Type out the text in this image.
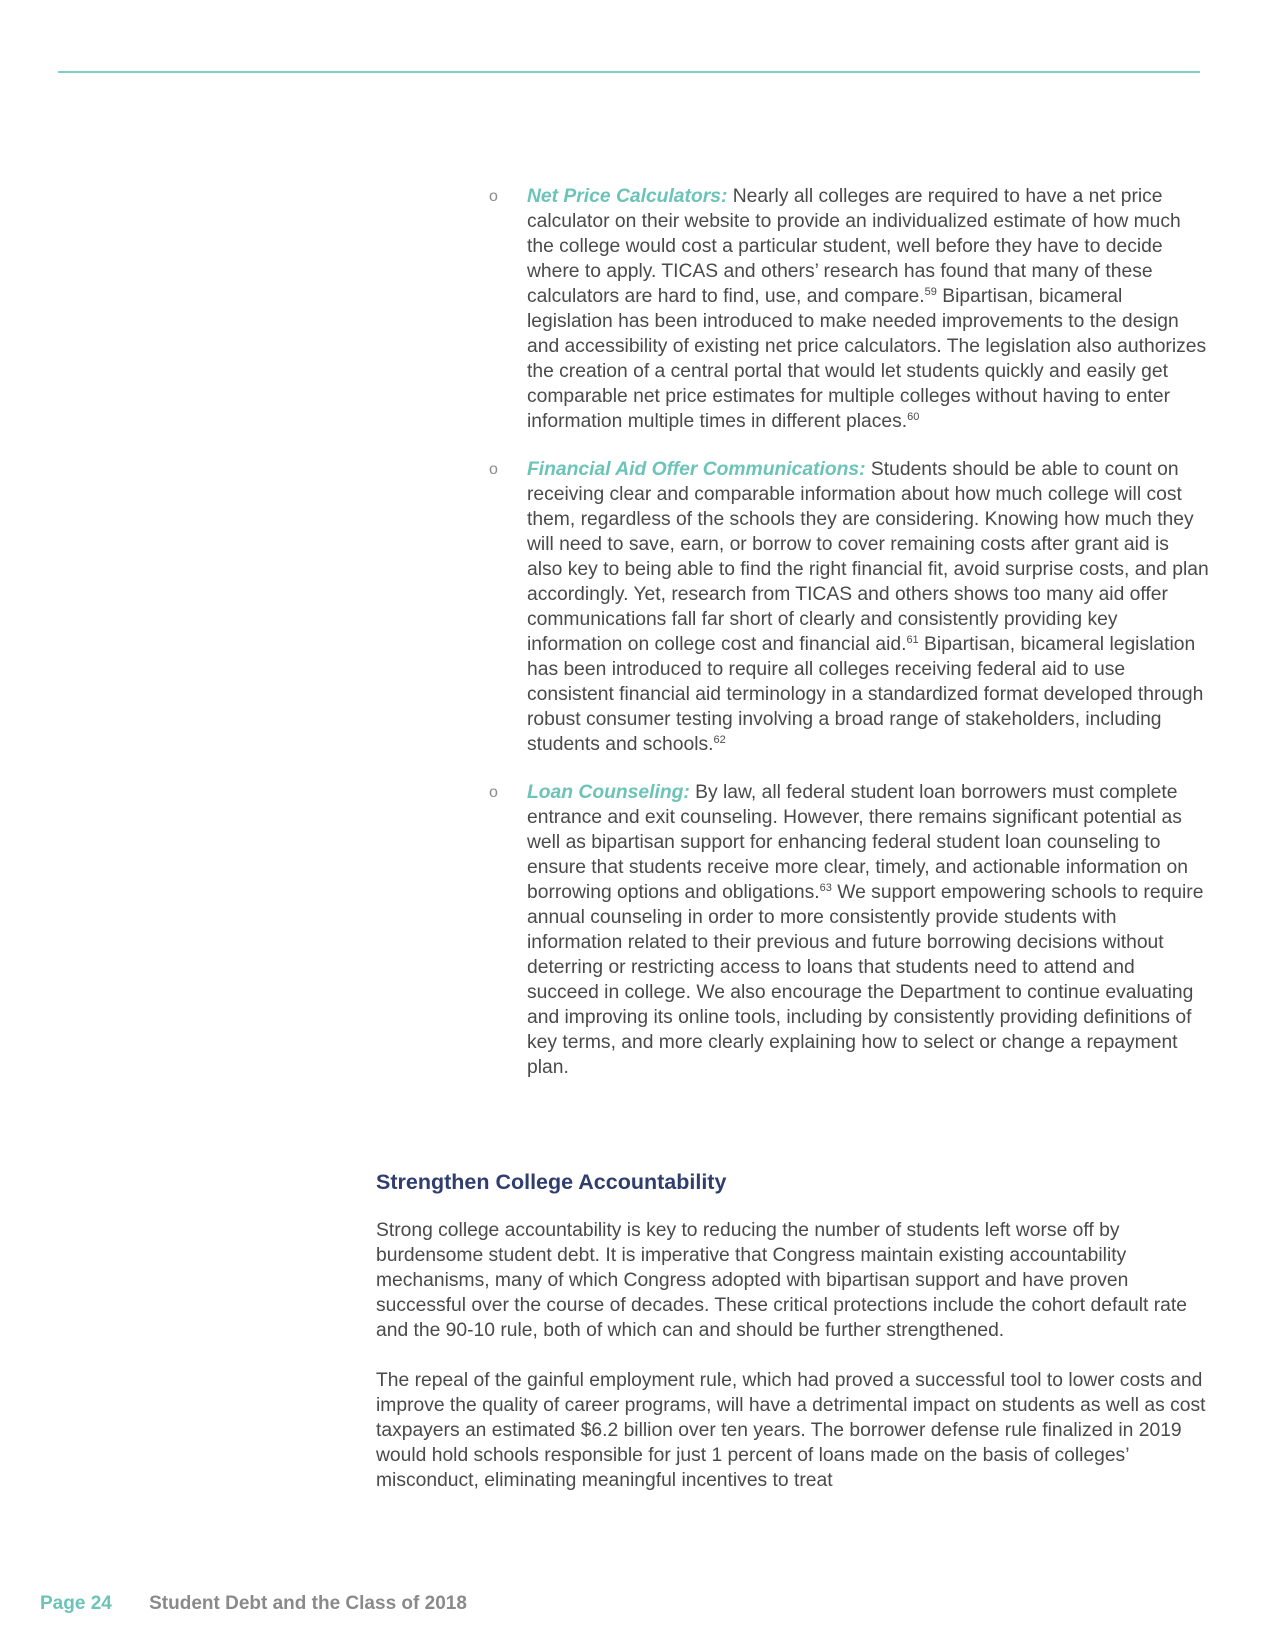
o Net Price Calculators: Nearly all colleges are required to have a net price calculator on their website to provide an individualized estimate of how much the college would cost a particular student, well before they have to decide where to apply. TICAS and others’ research has found that many of these calculators are hard to find, use, and compare.$^{59}$ Bipartisan, bicameral legislation has been introduced to make needed improvements to the design and accessibility of existing net price calculators. The legislation also authorizes the creation of a central portal that would let students quickly and easily get comparable net price estimates for multiple colleges without having to enter information multiple times in different places.$^{60}$
o Financial Aid Offer Communications: Students should be able to count on receiving clear and comparable information about how much college will cost them, regardless of the schools they are considering. Knowing how much they will need to save, earn, or borrow to cover remaining costs after grant aid is also key to being able to find the right financial fit, avoid surprise costs, and plan accordingly. Yet, research from TICAS and others shows too many aid offer communications fall far short of clearly and consistently providing key information on college cost and financial aid.$^{61}$ Bipartisan, bicameral legislation has been introduced to require all colleges receiving federal aid to use consistent financial aid terminology in a standardized format developed through robust consumer testing involving a broad range of stakeholders, including students and schools.$^{62}$
o Loan Counseling: By law, all federal student loan borrowers must complete entrance and exit counseling. However, there remains significant potential as well as bipartisan support for enhancing federal student loan counseling to ensure that students receive more clear, timely, and actionable information on borrowing options and obligations.$^{63}$ We support empowering schools to require annual counseling in order to more consistently provide students with information related to their previous and future borrowing decisions without deterring or restricting access to loans that students need to attend and succeed in college. We also encourage the Department to continue evaluating and improving its online tools, including by consistently providing definitions of key terms, and more clearly explaining how to select or change a repayment plan.
Strengthen College Accountability

Strong college accountability is key to reducing the number of students left worse off by burdensome student debt. It is imperative that Congress maintain existing accountability mechanisms, many of which Congress adopted with bipartisan support and have proven successful over the course of decades. These critical protections include the cohort default rate and the 90-10 rule, both of which can and should be further strengthened.

The repeal of the gainful employment rule, which had proved a successful tool to lower costs and improve the quality of career programs, will have a detrimental impact on students as well as cost taxpayers an estimated $6.2 billion over ten years. The borrower defense rule finalized in 2019 would hold schools responsible for just 1 percent of loans made on the basis of colleges’ misconduct, eliminating meaningful incentives to treat

Page 24 Student Debt and the Class of 2018
